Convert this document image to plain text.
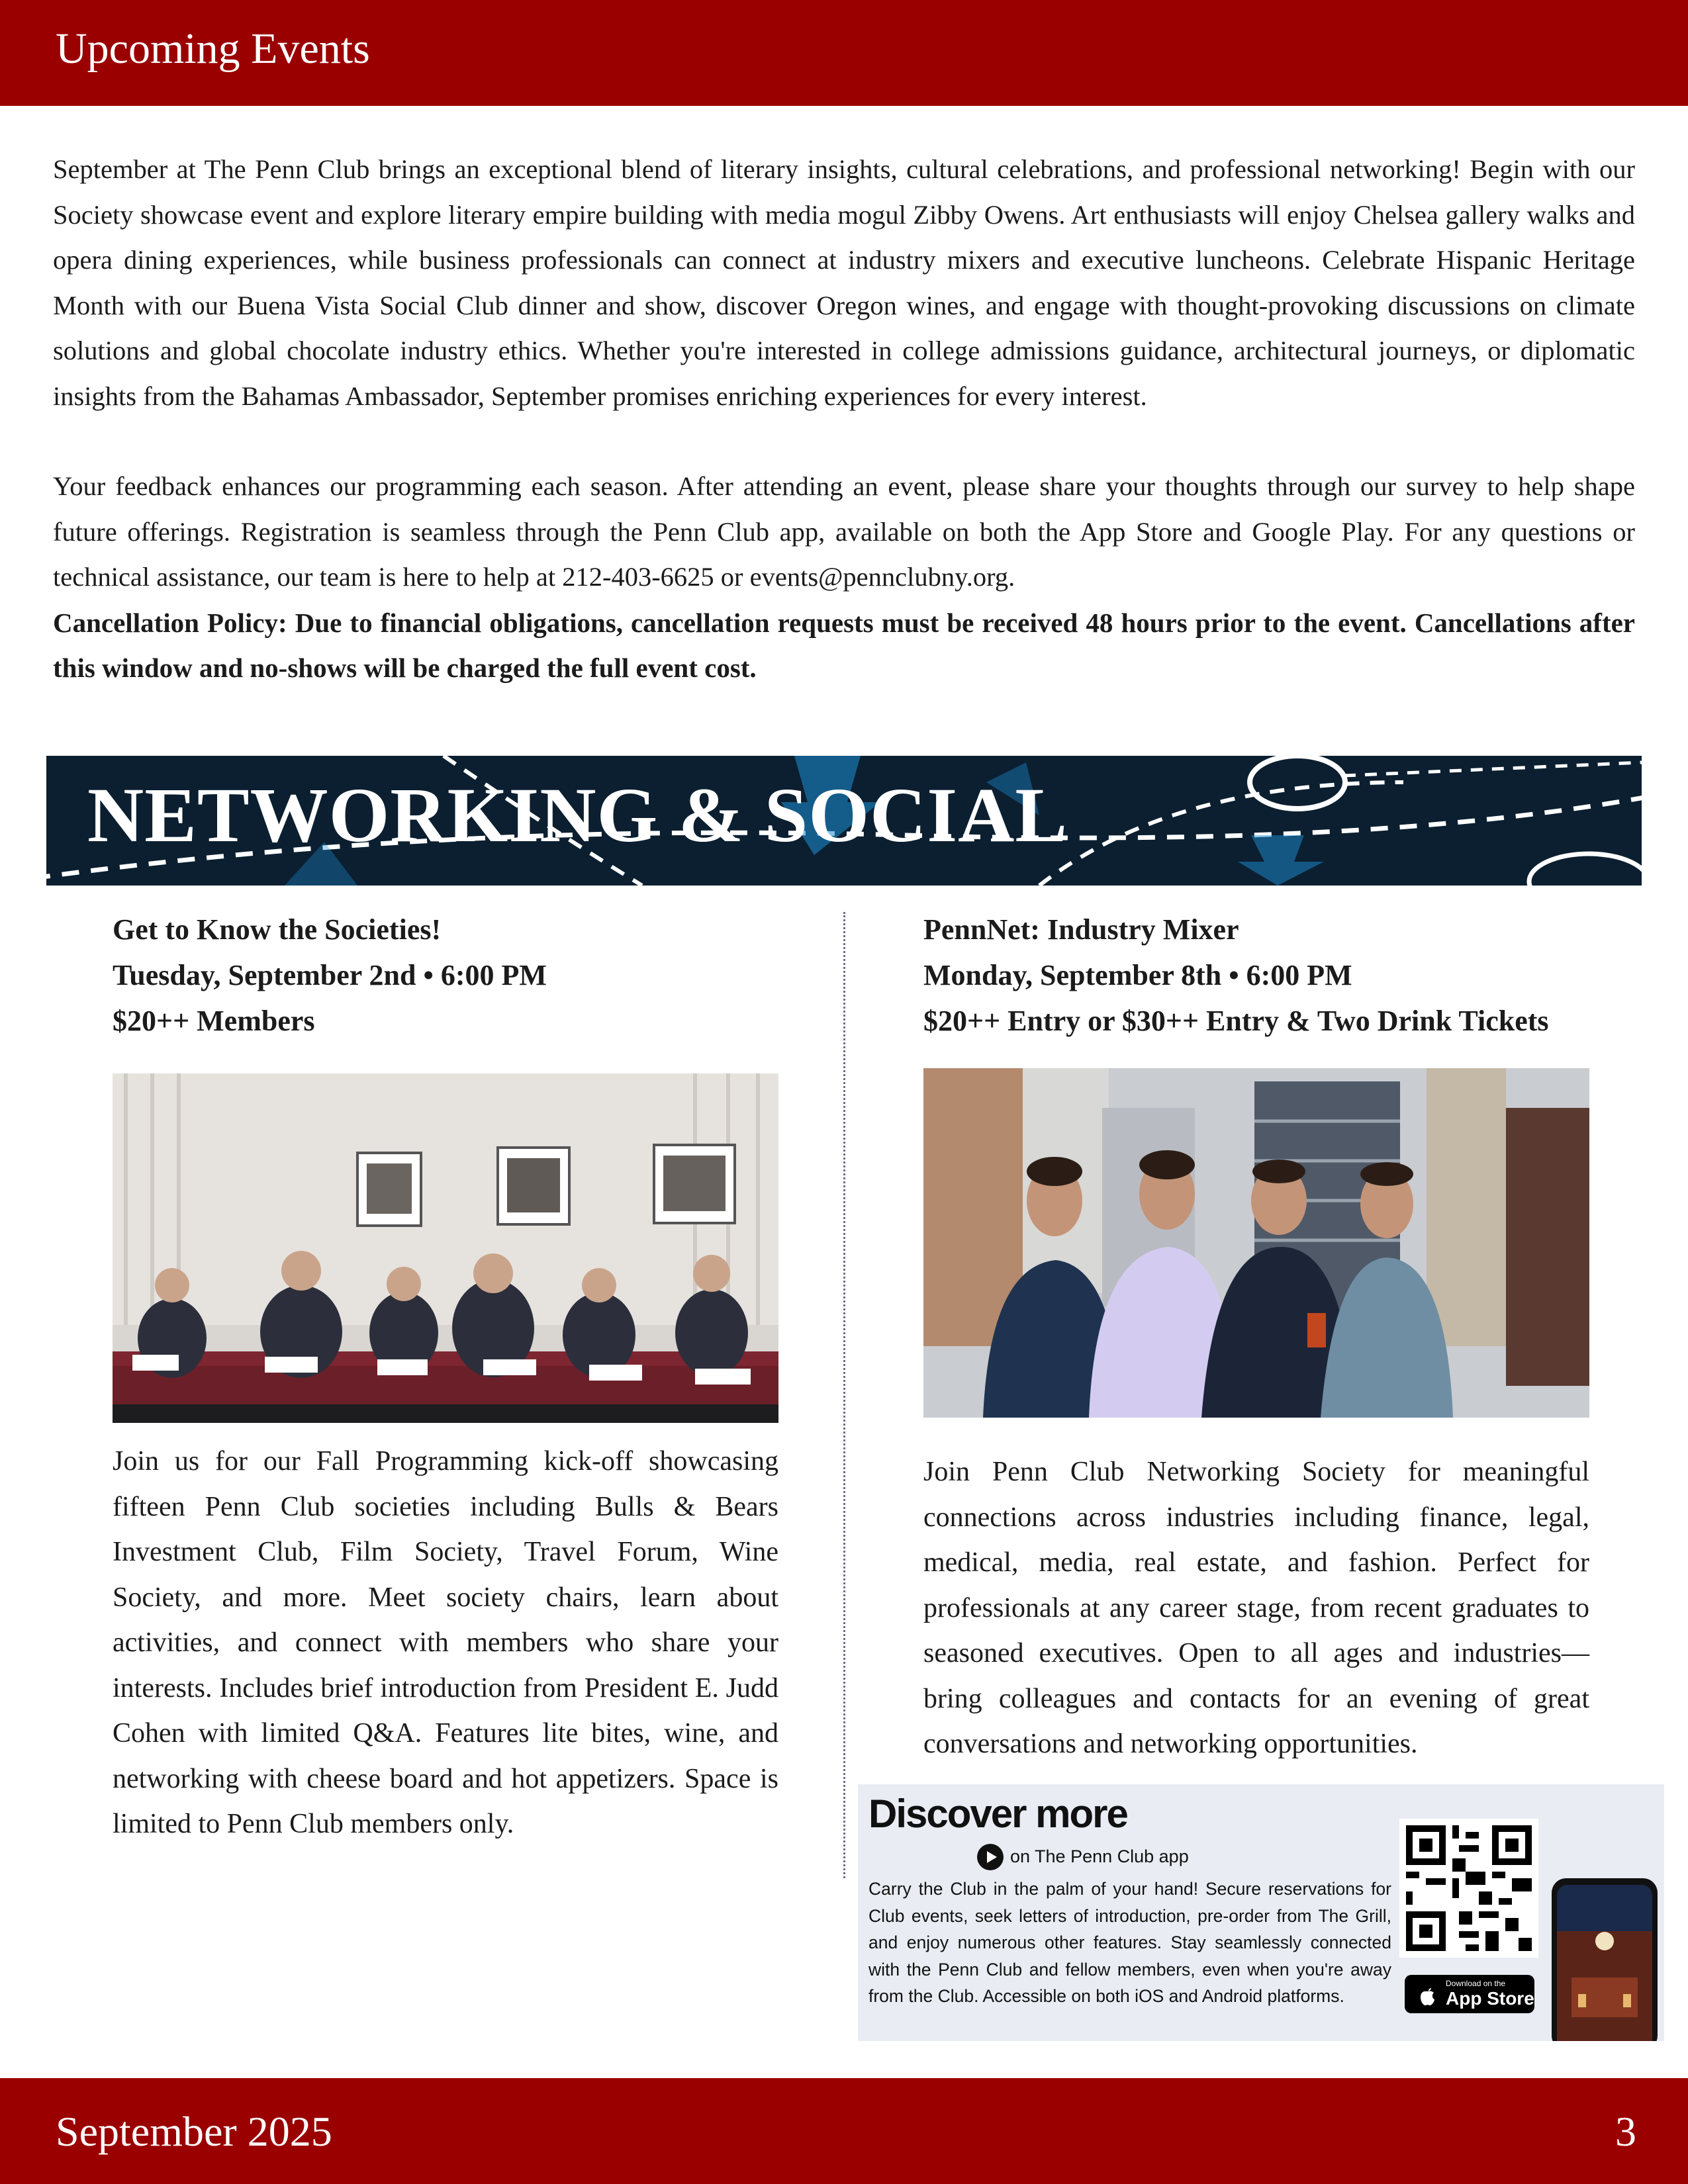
Upcoming Events

September at The Penn Club brings an exceptional blend of literary insights, cultural celebrations, and professional networking! Begin with our Society showcase event and explore literary empire building with media mogul Zibby Owens. Art enthusiasts will enjoy Chelsea gallery walks and opera dining experiences, while business professionals can connect at industry mixers and executive luncheons. Celebrate Hispanic Heritage Month with our Buena Vista Social Club dinner and show, discover Oregon wines, and engage with thought-provoking discussions on climate solutions and global chocolate industry ethics. Whether you're interested in college admissions guidance, architectural journeys, or diplomatic insights from the Bahamas Ambassador, September promises enriching experiences for every interest.

Your feedback enhances our programming each season. After attending an event, please share your thoughts through our survey to help shape future offerings. Registration is seamless through the Penn Club app, available on both the App Store and Google Play. For any questions or technical assistance, our team is here to help at 212-403-6625 or events@pennclubny.org.

Cancellation Policy: Due to financial obligations, cancellation requests must be received 48 hours prior to the event. Cancellations after this window and no-shows will be charged the full event cost.

NETWORKING & SOCIAL

Get to Know the Societies!

Tuesday, September 2nd • 6:00 PM

$20++ Members

Join us for our Fall Programming kick-off showcasing fifteen Penn Club societies including Bulls & Bears Investment Club, Film Society, Travel Forum, Wine Society, and more. Meet society chairs, learn about activities, and connect with members who share your interests. Includes brief introduction from President E. Judd Cohen with limited Q&A. Features lite bites, wine, and networking with cheese board and hot appetizers. Space is limited to Penn Club members only.

PennNet: Industry Mixer

Monday, September 8th • 6:00 PM

$20++ Entry or $30++ Entry & Two Drink Tickets

Join Penn Club Networking Society for meaningful connections across industries including finance, legal, medical, media, real estate, and fashion. Perfect for professionals at any career stage, from recent graduates to seasoned executives. Open to all ages and industries—bring colleagues and contacts for an evening of great conversations and networking opportunities.
Discover more
on The Penn Club app
Carry the Club in the palm of your hand! Secure reservations for Club events, seek letters of introduction, pre-order from The Grill, and enjoy numerous other features. Stay seamlessly connected with the Penn Club and fellow members, even when you're away from the Club. Accessible on both iOS and Android platforms.
Download on the
App Store
September 2025	3
